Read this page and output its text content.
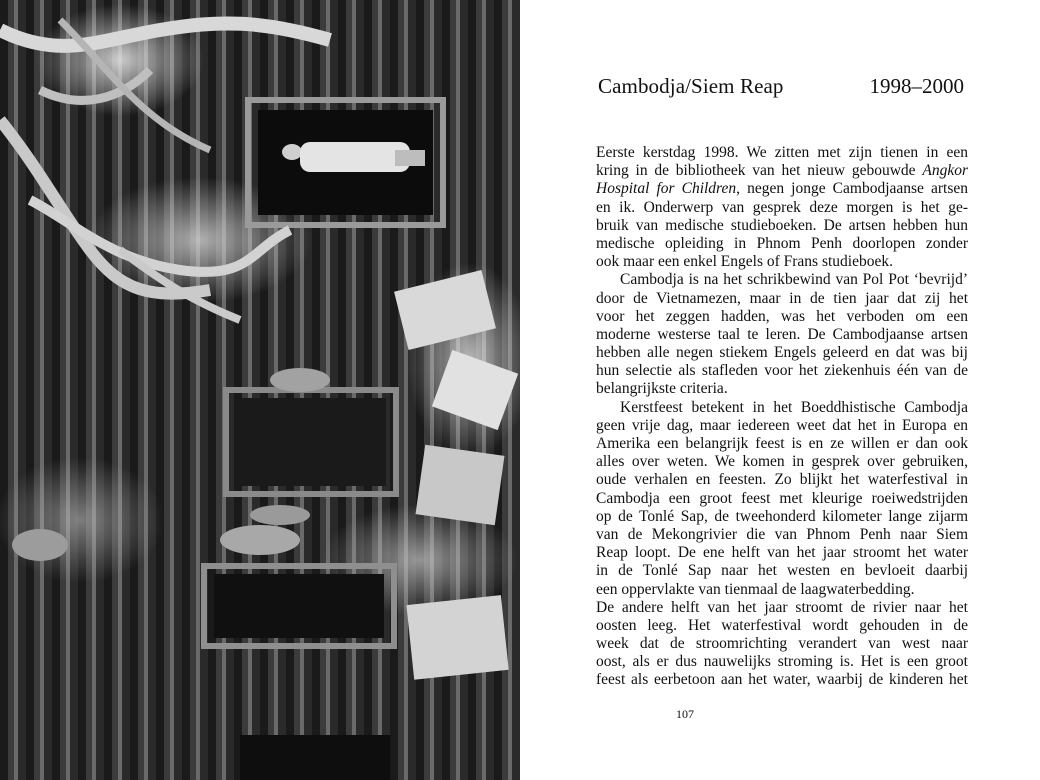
Cambodja/Siem Reap	1998–2000
Eerste kerstdag 1998. We zitten met zijn tienen in een
kring in de bibliotheek van het nieuw gebouwde Angkor
Hospital for Children, negen jonge Cambodjaanse artsen
en ik. Onderwerp van gesprek deze morgen is het ge-
bruik van medische studieboeken. De artsen hebben hun
medische opleiding in Phnom Penh doorlopen zonder
ook maar een enkel Engels of Frans studieboek.
Cambodja is na het schrikbewind van Pol Pot ‘bevrijd’
door de Vietnamezen, maar in de tien jaar dat zij het
voor het zeggen hadden, was het verboden om een
moderne westerse taal te leren. De Cambodjaanse artsen
hebben alle negen stiekem Engels geleerd en dat was bij
hun selectie als stafleden voor het ziekenhuis één van de
belangrijkste criteria.
Kerstfeest betekent in het Boeddhistische Cambodja
geen vrije dag, maar iedereen weet dat het in Europa en
Amerika een belangrijk feest is en ze willen er dan ook
alles over weten. We komen in gesprek over gebruiken,
oude verhalen en feesten. Zo blijkt het waterfestival in
Cambodja een groot feest met kleurige roeiwedstrijden
op de Tonlé Sap, de tweehonderd kilometer lange zijarm
van de Mekongrivier die van Phnom Penh naar Siem
Reap loopt. De ene helft van het jaar stroomt het water
in de Tonlé Sap naar het westen en bevloeit daarbij
een oppervlakte van tienmaal de laagwaterbedding.
De andere helft van het jaar stroomt de rivier naar het
oosten leeg. Het waterfestival wordt gehouden in de
week dat de stroomrichting verandert van west naar
oost, als er dus nauwelijks stroming is. Het is een groot
feest als eerbetoon aan het water, waarbij de kinderen het
107
